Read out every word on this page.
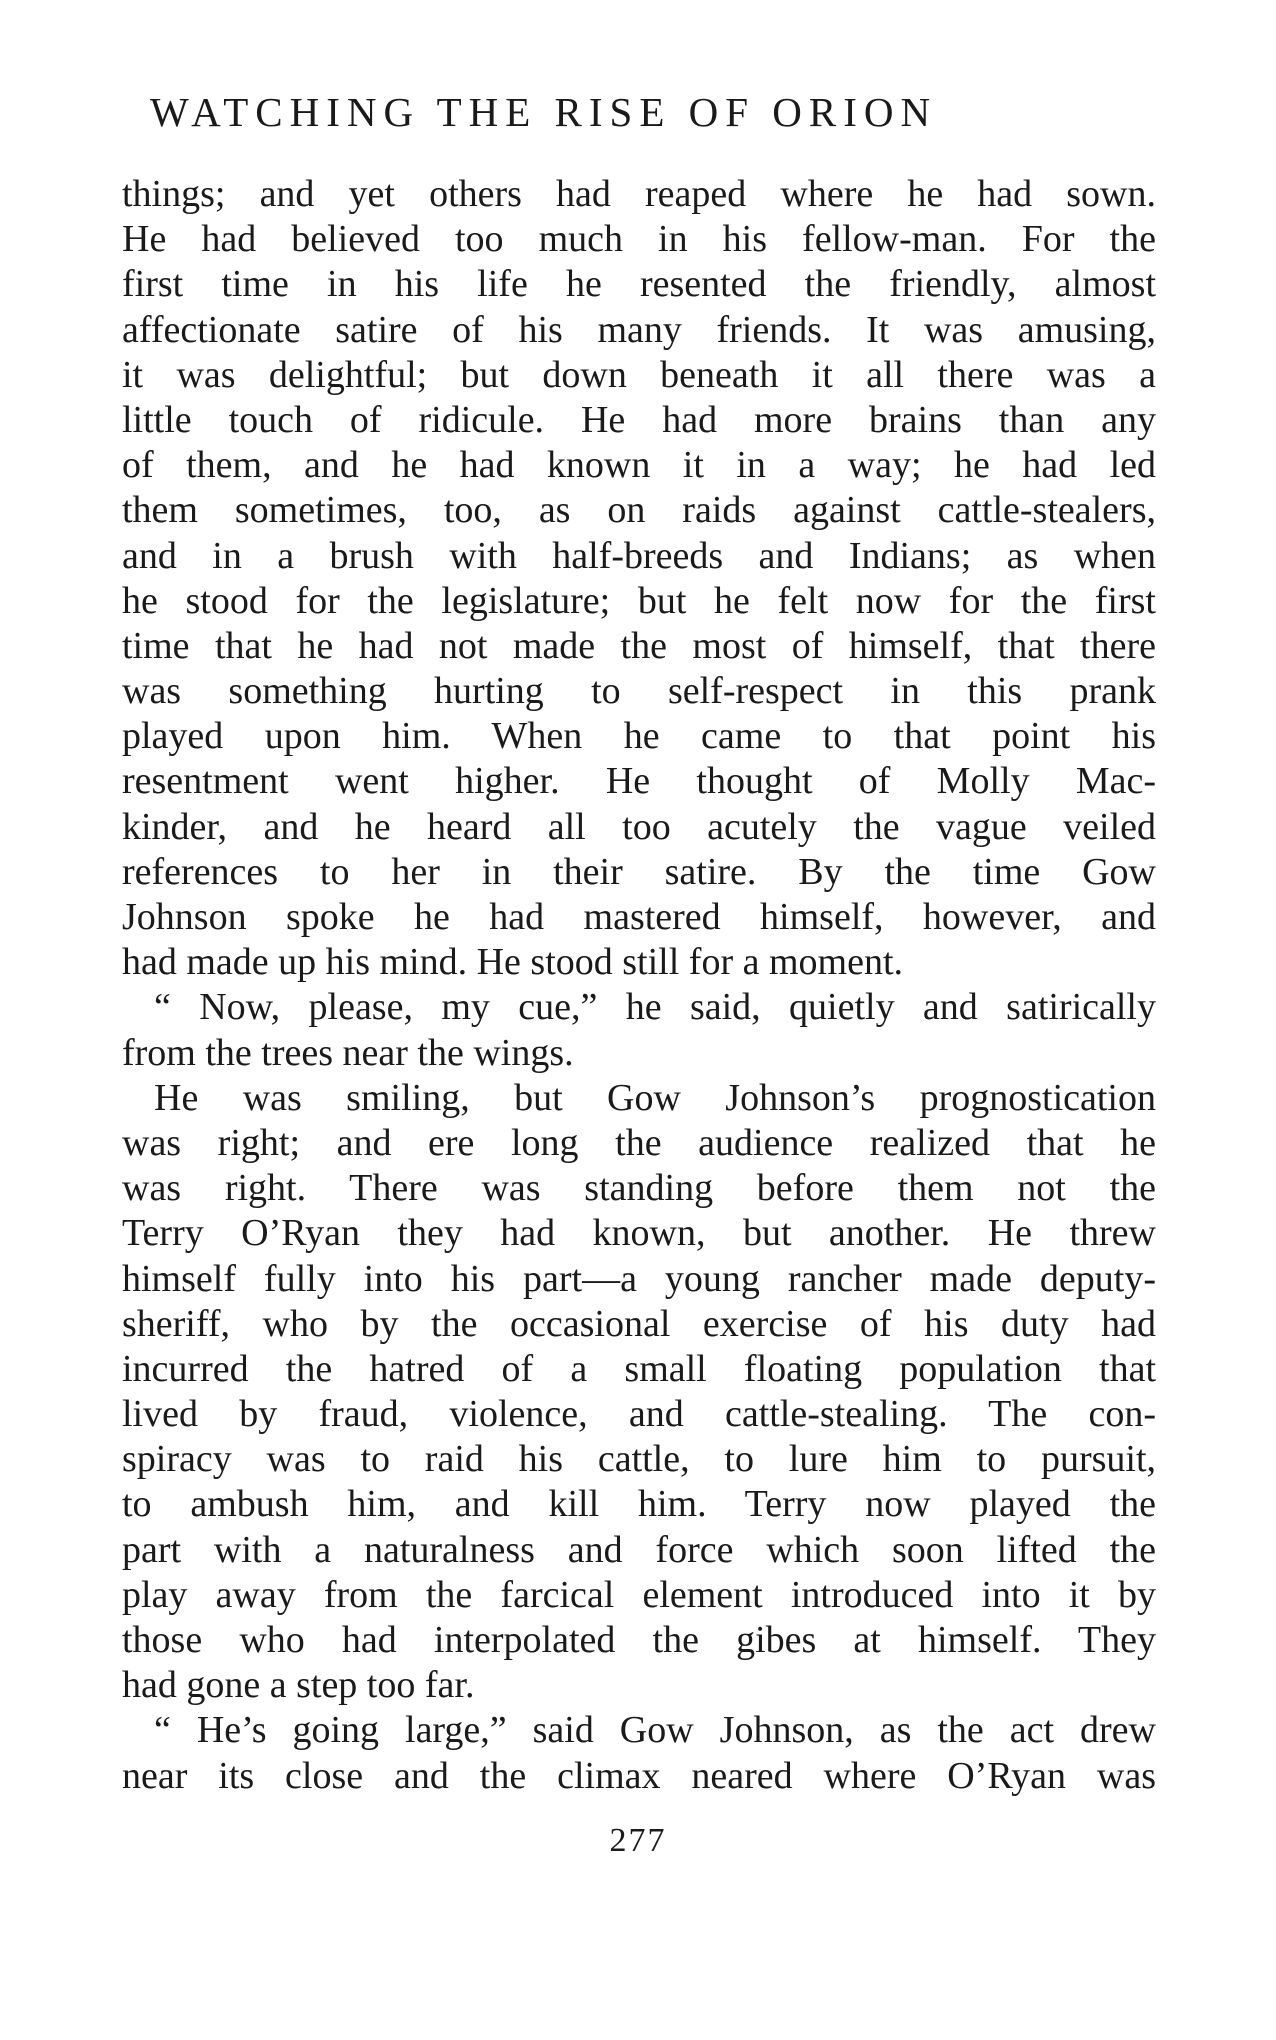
WATCHING THE RISE OF ORION
things; and yet others had reaped where he had sown.
He had believed too much in his fellow-man. For the
first time in his life he resented the friendly, almost
affectionate satire of his many friends. It was amusing,
it was delightful; but down beneath it all there was a
little touch of ridicule. He had more brains than any
of them, and he had known it in a way; he had led
them sometimes, too, as on raids against cattle-stealers,
and in a brush with half-breeds and Indians; as when
he stood for the legislature; but he felt now for the first
time that he had not made the most of himself, that there
was something hurting to self-respect in this prank
played upon him. When he came to that point his
resentment went higher. He thought of Molly Mac-
kinder, and he heard all too acutely the vague veiled
references to her in their satire. By the time Gow
Johnson spoke he had mastered himself, however, and
had made up his mind. He stood still for a moment.
“ Now, please, my cue,” he said, quietly and satirically
from the trees near the wings.
He was smiling, but Gow Johnson’s prognostication
was right; and ere long the audience realized that he
was right. There was standing before them not the
Terry O’Ryan they had known, but another. He threw
himself fully into his part—a young rancher made deputy-
sheriff, who by the occasional exercise of his duty had
incurred the hatred of a small floating population that
lived by fraud, violence, and cattle-stealing. The con-
spiracy was to raid his cattle, to lure him to pursuit,
to ambush him, and kill him. Terry now played the
part with a naturalness and force which soon lifted the
play away from the farcical element introduced into it by
those who had interpolated the gibes at himself. They
had gone a step too far.
“ He’s going large,” said Gow Johnson, as the act drew
near its close and the climax neared where O’Ryan was
277
